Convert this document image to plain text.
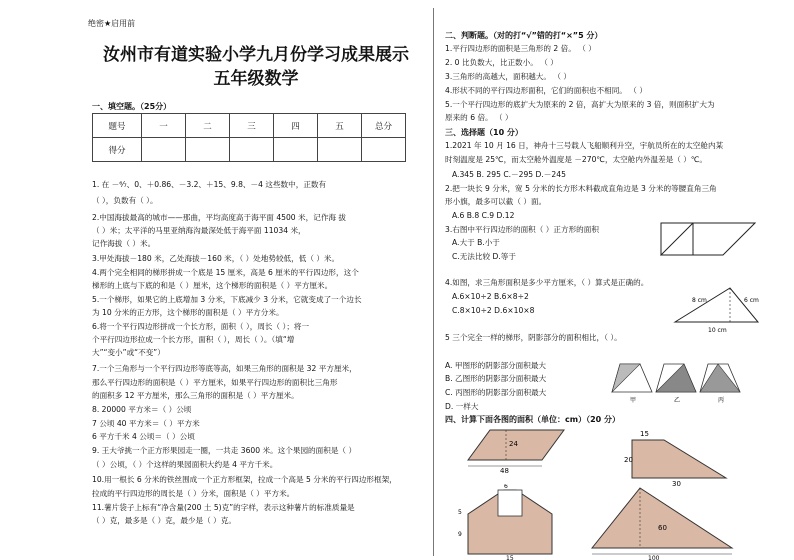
绝密★启用前
汝州市有道实验小学九月份学习成果展示
五年级数学
一、填空题。（25分）
题号	一	二	三	四	五	总分
得分						
1. 在 －⁶⁄₇、0、＋0.86、－3.2、＋15、9.8、－4 这些数中，正数有
（ ），负数有（ ）。
2.中国海拔最高的城市——那曲，平均高度高于海平面 4500 米，记作海 拔
（ ）米；太平洋的马里亚纳海沟最深处低于海平面 11034 米，
记作海拔（ ）米。
3.甲处海拔－180 米，乙处海拔－160 米，（ ）处地势较低，低（ ）米。
4.两个完全相同的梯形拼成一个底是 15 厘米，高是 6 厘米的平行四边形，这个
梯形的上底与下底的和是（ ）厘米，这个梯形的面积是（ ）平方厘米。
5.一个梯形，如果它的上底增加 3 分米，下底减少 3 分米，它就变成了一个边长
为 10 分米的正方形，这个梯形的面积是（ ）平方分米。
6.将一个平行四边形拼成一个长方形，面积（ ），周长（ ）；将一
个平行四边形拉成一个长方形，面积（ ），周长（ ）。（填“增
大”“变小”或“不变”）
7.一个三角形与一个平行四边形等底等高，如果三角形的面积是 32 平方厘米，
那么平行四边形的面积是（ ）平方厘米，如果平行四边形的面积比三角形
的面积多 12 平方厘米，那么三角形的面积是（ ）平方厘米。
8. 20000 平方米＝（ ）公顷
7 公顷 40 平方米＝（ ）平方米
6 平方千米 4 公顷＝（ ）公顷
9. 王大爷挑一个正方形果园走一圈，一共走 3600 米。这个果园的面积是（ ）
（ ）公顷，（ ）个这样的果园面积大约是 4 平方千米。
10.用一根长 6 分米的铁丝围成一个正方形框架，拉成一个高是 5 分米的平行四边形框架，
拉成的平行四边形的周长是（ ）分米，面积是（ ）平方米。
11.薯片袋子上标有“净含量(200 土 5)克”的字样，表示这种薯片的标准质量是
（ ）克，最多是（ ）克，最少是（ ）克。
二、判断题。（对的打“√”错的打“×”5 分）
1.平行四边形的面积是三角形的 2 倍。 （ ）
2. 0 比负数大，比正数小。 （ ）
3.三角形的高越大，面积越大。 （ ）
4.形状不同的平行四边形面积，它们的面积也不相同。 （ ）
5.一个平行四边形的底扩大为原来的 2 倍，高扩大为原来的 3 倍，则面积扩大为
原来的 6 倍。 （ ）
三、选择题（10 分）
1.2021 年 10 月 16 日，神舟十三号载人飞船顺利升空，宇航员所在的太空舱内某
时刻温度是 25℃，而太空舱外温度是 －270℃，太空舱内外温差是（ ）℃。
A.345 B. 295 C.－295 D.－245
2.把一块长 9 分米，宽 5 分米的长方形木料截成直角边是 3 分米的等腰直角三角
形小旗，最多可以截（ ）面。
A.6 B.8 C.9 D.12
3.右图中平行四边形的面积（ ）正方形的面积
A.大于 B.小于
C.无法比较 D.等于
4.如图，求三角形面积是多少平方厘米，（ ）算式是正确的。
A.6×10÷2 B.6×8÷2
C.8×10÷2 D.6×10×8
5 三个完全一样的梯形，阴影部分的面积相比，（ ）。
A. 甲图形的阴影部分面积最大
B. 乙图形的阴影部分面积最大
C. 丙图形的阴影部分面积最大
D. 一样大
四、计算下面各图的面积（单位：cm）（20 分）
8 cm	6 cm
10 cm
甲	乙	丙
24
48
15
20
30
6
9
5
15
60
100
